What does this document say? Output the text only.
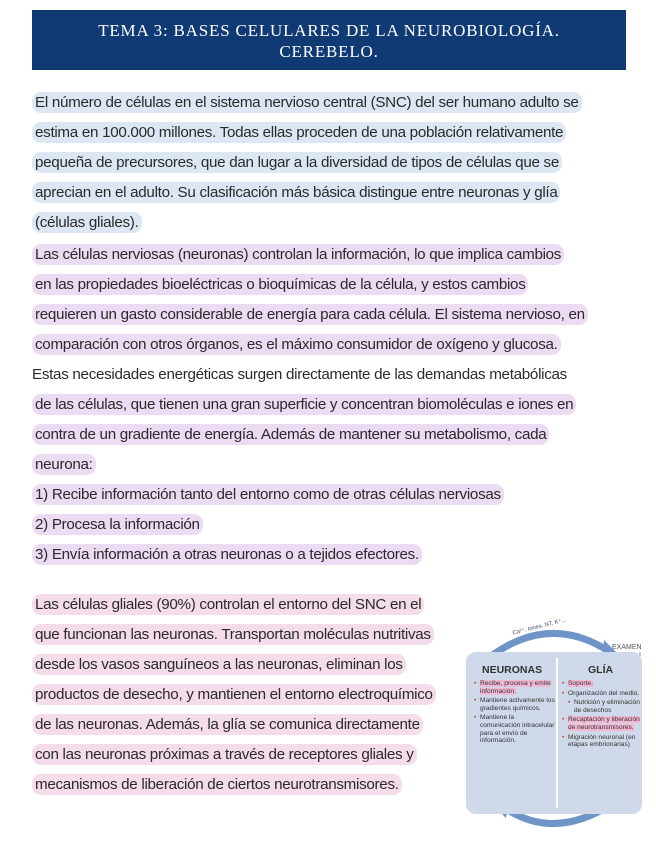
TEMA 3: BASES CELULARES DE LA NEUROBIOLOGÍA.
CEREBELO.
El número de células en el sistema nervioso central (SNC) del ser humano adulto se
estima en 100.000 millones. Todas ellas proceden de una población relativamente
pequeña de precursores, que dan lugar a la diversidad de tipos de células que se
aprecian en el adulto. Su clasificación más básica distingue entre neuronas y glía
(células gliales).
Las células nerviosas (neuronas) controlan la información, lo que implica cambios
en las propiedades bioeléctricas o bioquímicas de la célula, y estos cambios
requieren un gasto considerable de energía para cada célula. El sistema nervioso, en
comparación con otros órganos, es el máximo consumidor de oxígeno y glucosa.
Estas necesidades energéticas surgen directamente de las demandas metabólicas
de las células, que tienen una gran superficie y concentran biomoléculas e iones en
contra de un gradiente de energía. Además de mantener su metabolismo, cada
neurona:
1) Recibe información tanto del entorno como de otras células nerviosas
2) Procesa la información
3) Envía información a otras neuronas o a tejidos efectores.
Las células gliales (90%) controlan el entorno del SNC en el
que funcionan las neuronas. Transportan moléculas nutritivas
desde los vasos sanguíneos a las neuronas, eliminan los
productos de desecho, y mantienen el entorno electroquímico
de las neuronas. Además, la glía se comunica directamente
con las neuronas próximas a través de receptores gliales y
mecanismos de liberación de ciertos neurotransmisores.
Ca²⁺, Iones, NT, K⁺...
EXAMEN
NEURONAS	GLÍA
• Recibe, procesa y emite información.
• Mantiene activamente los gradientes químicos.
• Mantiene la comunicación intracelular para el envío de información.
• Soporte.
• Organización del medio.
• Nutrición y eliminación de desechos
• Recaptación y liberación de neurotransmisores.
• Migración neuronal (en etapas embrionarias)
